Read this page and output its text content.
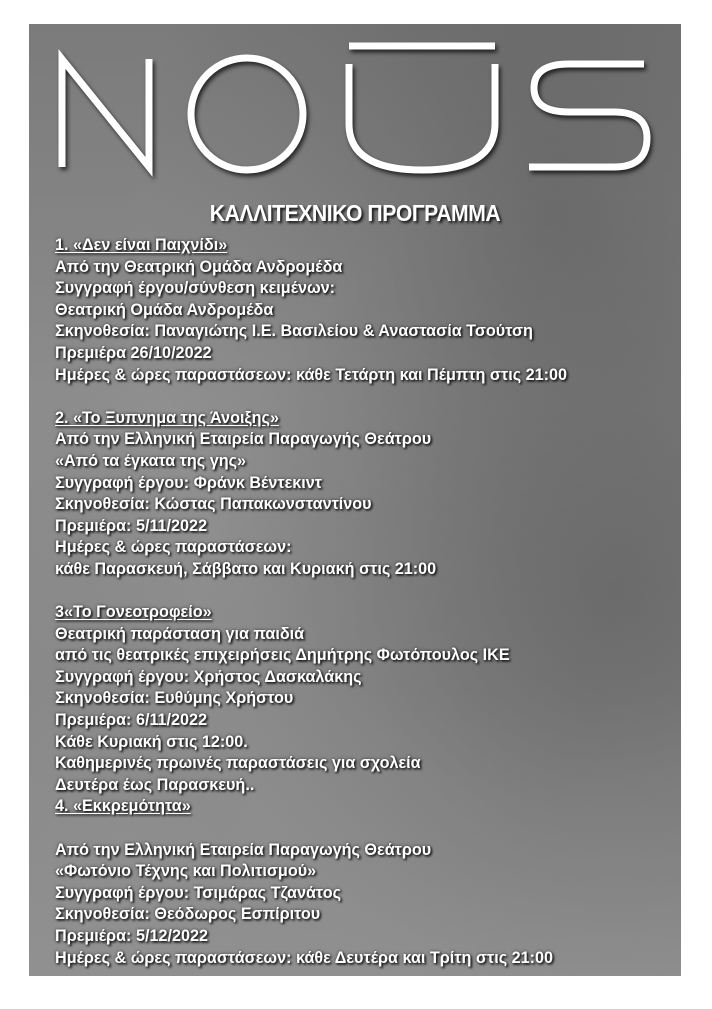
ΚΑΛΛΙΤΕΧΝΙΚΟ ΠΡΟΓΡΑΜΜΑ
1. «Δεν είναι Παιχνίδι»
Από την Θεατρική Ομάδα Ανδρομέδα
Συγγραφή έργου/σύνθεση κειμένων:
Θεατρική Ομάδα Ανδρομέδα
Σκηνοθεσία: Παναγιώτης Ι.Ε. Βασιλείου & Αναστασία Τσούτση
Πρεμιέρα 26/10/2022
Ημέρες & ώρες παραστάσεων: κάθε Τετάρτη και Πέμπτη στις 21:00
2. «Το Ξυπνημα της Άνοιξης»
Από την Ελληνική Εταιρεία Παραγωγής Θεάτρου
«Από τα έγκατα της γης»
Συγγραφή έργου: Φράνκ Βέντεκιντ
Σκηνοθεσία: Κώστας Παπακωνσταντίνου
Πρεμιέρα: 5/11/2022
Ημέρες & ώρες παραστάσεων:
κάθε Παρασκευή, Σάββατο και Κυριακή στις 21:00
3«Το Γονεοτροφείο»
Θεατρική παράσταση για παιδιά
από τις θεατρικές επιχειρήσεις Δημήτρης Φωτόπουλος ΙΚΕ
Συγγραφή έργου: Χρήστος Δασκαλάκης
Σκηνοθεσία: Ευθύμης Χρήστου
Πρεμιέρα: 6/11/2022
Κάθε Κυριακή στις 12:00.
Καθημερινές πρωινές παραστάσεις για σχολεία
Δευτέρα έως Παρασκευή..
4. «Εκκρεμότητα»
Από την Ελληνική Εταιρεία Παραγωγής Θεάτρου
«Φωτόνιο Τέχνης και Πολιτισμού»
Συγγραφή έργου: Τσιμάρας Τζανάτος
Σκηνοθεσία: Θεόδωρος Εσπίριτου
Πρεμιέρα: 5/12/2022
Ημέρες & ώρες παραστάσεων: κάθε Δευτέρα και Τρίτη στις 21:00
